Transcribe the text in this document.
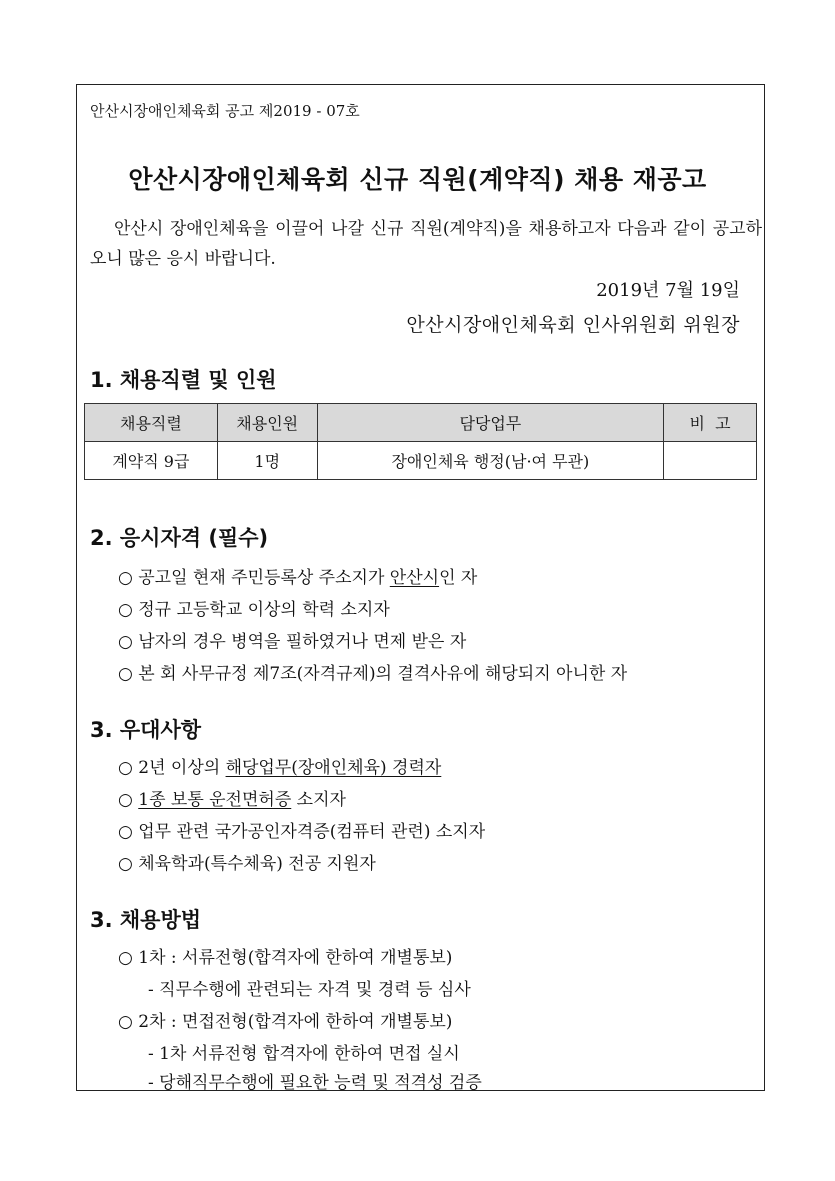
안산시장애인체육회 공고 제2019 - 07호
안산시장애인체육회 신규 직원(계약직) 채용 재공고
안산시 장애인체육을 이끌어 나갈 신규 직원(계약직)을 채용하고자 다음과 같이 공고하오니 많은 응시 바랍니다.
2019년 7월 19일
안산시장애인체육회 인사위원회 위원장
1. 채용직렬 및 인원
채용직렬	채용인원	담당업무	비  고
계약직 9급	1명	장애인체육 행정(남·여 무관)	
2. 응시자격 (필수)
○ 공고일 현재 주민등록상 주소지가 안산시인 자
○ 정규 고등학교 이상의 학력 소지자
○ 남자의 경우 병역을 필하였거나 면제 받은 자
○ 본 회 사무규정 제7조(자격규제)의 결격사유에 해당되지 아니한 자
3. 우대사항
○ 2년 이상의 해당업무(장애인체육) 경력자
○ 1종 보통 운전면허증 소지자
○ 업무 관련 국가공인자격증(컴퓨터 관련) 소지자
○ 체육학과(특수체육) 전공 지원자
3. 채용방법
○ 1차 : 서류전형(합격자에 한하여 개별통보)
- 직무수행에 관련되는 자격 및 경력 등 심사
○ 2차 : 면접전형(합격자에 한하여 개별통보)
- 1차 서류전형 합격자에 한하여 면접 실시
- 당해직무수행에 필요한 능력 및 적격성 검증
